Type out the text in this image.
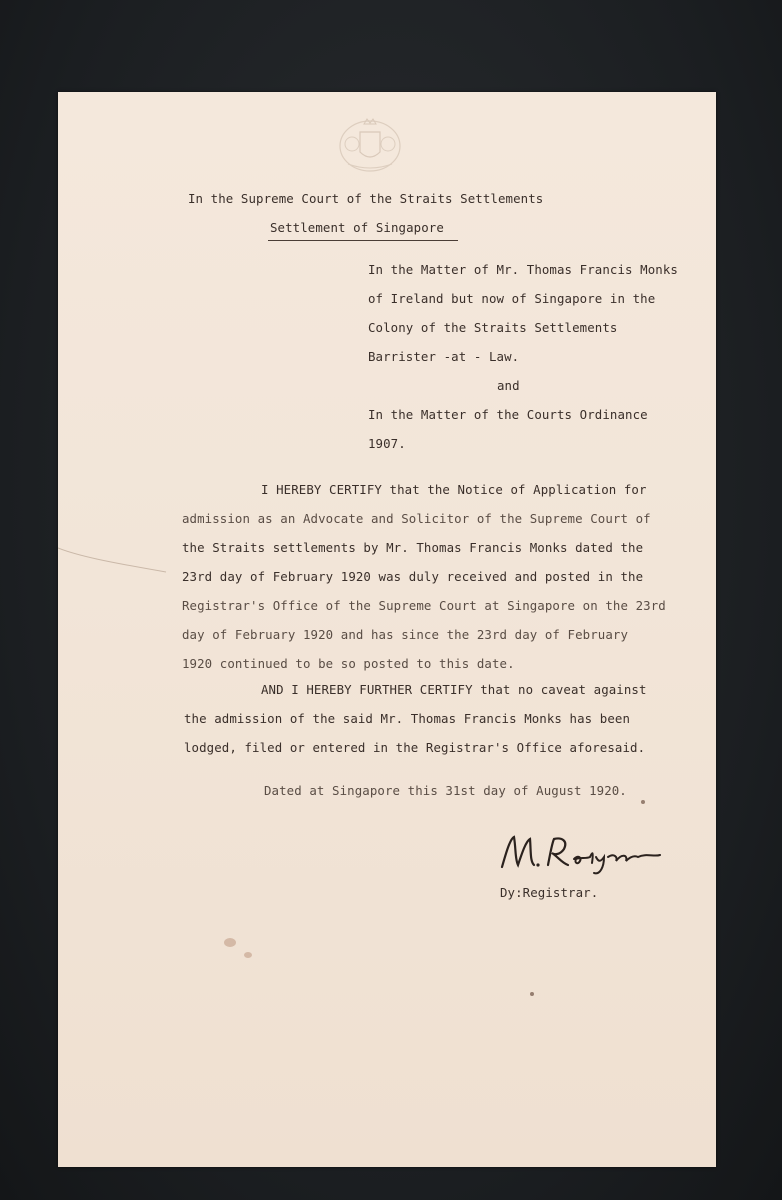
In the Supreme Court of the Straits Settlements
Settlement of Singapore
In the Matter of Mr. Thomas Francis Monks
of Ireland but now of Singapore in the
Colony of the Straits Settlements
Barrister -at - Law.
and
In the Matter of the Courts Ordinance
1907.
I HEREBY CERTIFY that the Notice of Application for
admission as an Advocate and Solicitor of the Supreme Court of
the Straits settlements by Mr. Thomas Francis Monks dated the
23rd day of February 1920 was duly received and posted in the
Registrar's Office of the Supreme Court at Singapore on the 23rd
day of February 1920 and has since the 23rd day of February
1920 continued to be so posted to this date.
AND I HEREBY FURTHER CERTIFY that no caveat against
the admission of the said Mr. Thomas Francis Monks has been
lodged, filed or entered in the Registrar's Office aforesaid.
Dated at Singapore this 31st day of August 1920.
Dy:Registrar.
